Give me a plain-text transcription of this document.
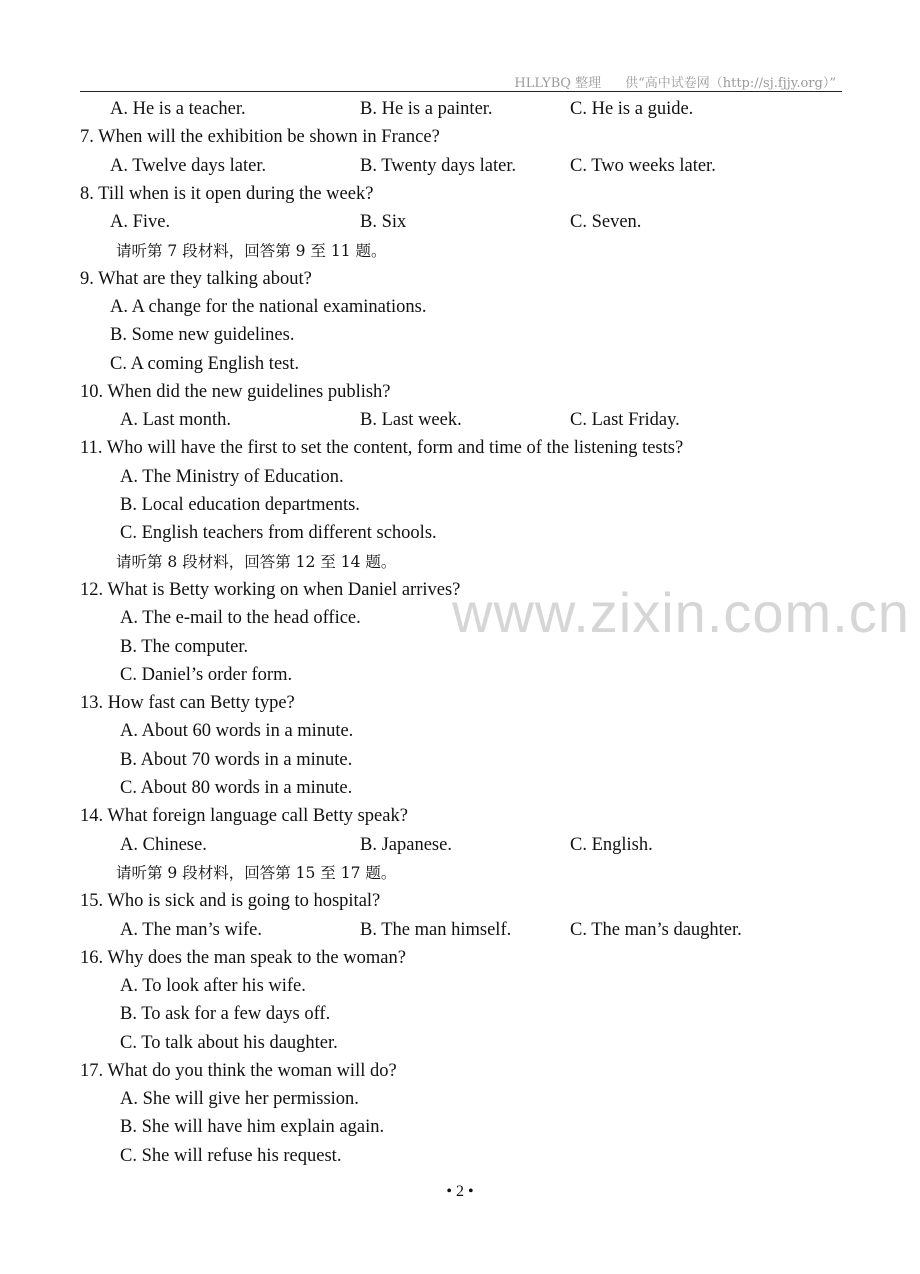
HLLYBQ 整理 供“高中试卷网（http://sj.fjjy.org）”
www.zixin.com.cn
A. He is a teacher.	B. He is a painter.	C. He is a guide.
7. When will the exhibition be shown in France?
A. Twelve days later.	B. Twenty days later.	C. Two weeks later.
8. Till when is it open during the week?
A. Five.	B. Six	C. Seven.
请听第 7 段材料，回答第 9 至 11 题。
9. What are they talking about?
A. A change for the national examinations.
B. Some new guidelines.
C. A coming English test.
10. When did the new guidelines publish?
A. Last month.	B. Last week.	C. Last Friday.
11. Who will have the first to set the content, form and time of the listening tests?
A. The Ministry of Education.
B. Local education departments.
C. English teachers from different schools.
请听第 8 段材料，回答第 12 至 14 题。
12. What is Betty working on when Daniel arrives?
A. The e-mail to the head office.
B. The computer.
C. Daniel’s order form.
13. How fast can Betty type?
A. About 60 words in a minute.
B. About 70 words in a minute.
C. About 80 words in a minute.
14. What foreign language call Betty speak?
A. Chinese.	B. Japanese.	C. English.
请听第 9 段材料，回答第 15 至 17 题。
15. Who is sick and is going to hospital?
A. The man’s wife.	B. The man himself.	C. The man’s daughter.
16. Why does the man speak to the woman?
A. To look after his wife.
B. To ask for a few days off.
C. To talk about his daughter.
17. What do you think the woman will do?
A. She will give her permission.
B. She will have him explain again.
C. She will refuse his request.
• 2 •
